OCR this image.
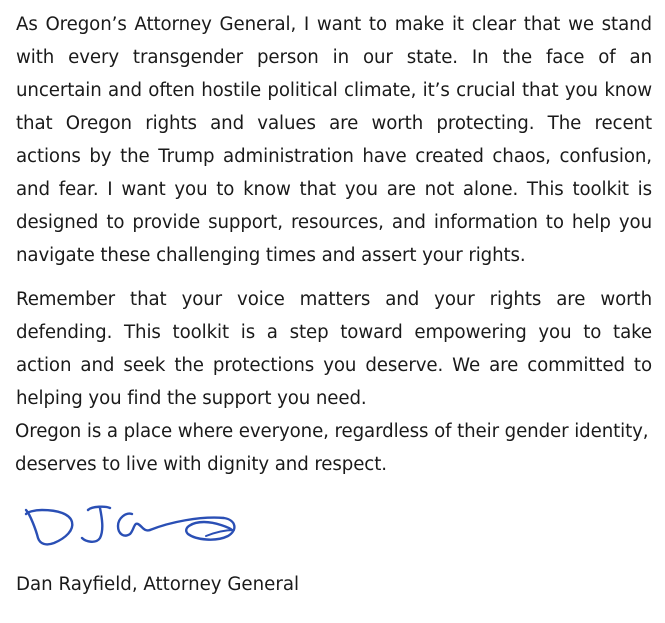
As Oregon’s Attorney General, I want to make it clear that we stand with every transgender person in our state. In the face of an uncertain and often hostile political climate, it’s crucial that you know that Oregon rights and values are worth protecting. The recent actions by the Trump administration have created chaos, confusion, and fear. I want you to know that you are not alone. This toolkit is designed to provide support, resources, and information to help you navigate these challenging times and assert your rights.

Remember that your voice matters and your rights are worth defending. This toolkit is a step toward empowering you to take action and seek the protections you deserve. We are committed to helping you find the support you need.

Oregon is a place where everyone, regardless of their gender identity, deserves to live with dignity and respect.

Dan Rayfield, Attorney General
